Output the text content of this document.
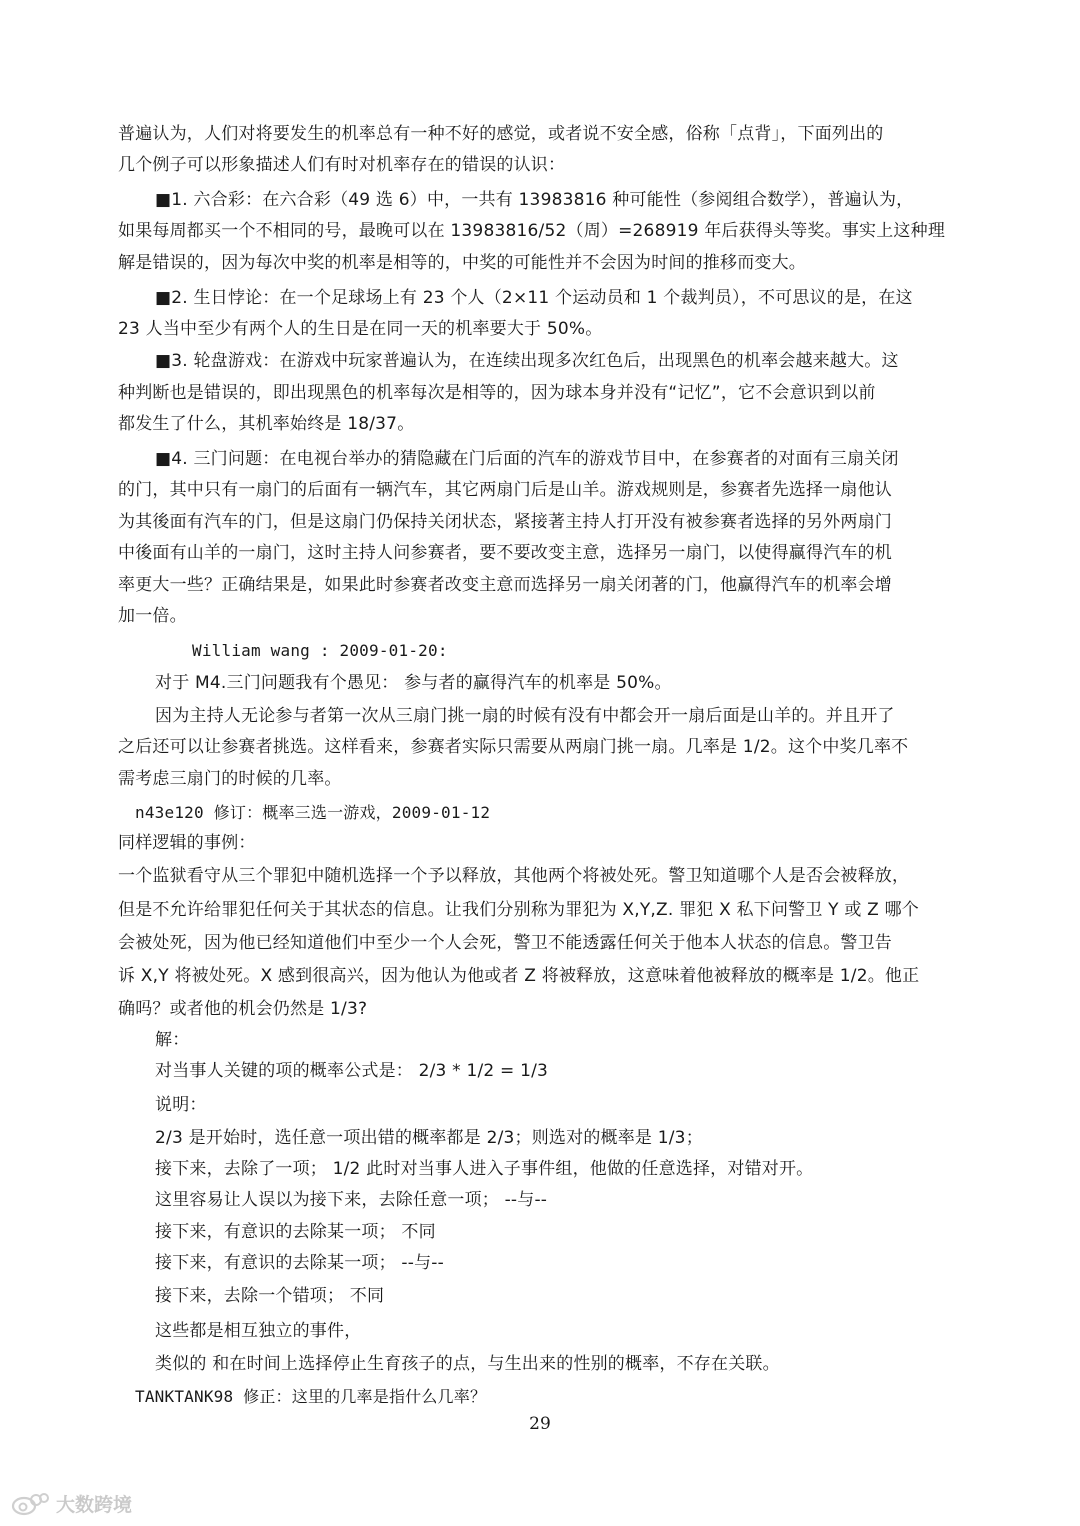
普遍认为，人们对将要发生的机率总有一种不好的感觉，或者说不安全感，俗称「点背」，下面列出的
几个例子可以形象描述人们有时对机率存在的错误的认识：
■1. 六合彩：在六合彩（49 选 6）中，一共有 13983816 种可能性（参阅组合数学），普遍认为，
如果每周都买一个不相同的号，最晚可以在 13983816/52（周）=268919 年后获得头等奖。事实上这种理
解是错误的，因为每次中奖的机率是相等的，中奖的可能性并不会因为时间的推移而变大。
■2. 生日悖论：在一个足球场上有 23 个人（2×11 个运动员和 1 个裁判员），不可思议的是，在这
23 人当中至少有两个人的生日是在同一天的机率要大于 50%。
■3. 轮盘游戏：在游戏中玩家普遍认为，在连续出现多次红色后，出现黑色的机率会越来越大。这
种判断也是错误的，即出现黑色的机率每次是相等的，因为球本身并没有“记忆”，它不会意识到以前
都发生了什么，其机率始终是 18/37。
■4. 三门问题：在电视台举办的猜隐藏在门后面的汽车的游戏节目中，在参赛者的对面有三扇关闭
的门，其中只有一扇门的后面有一辆汽车，其它两扇门后是山羊。游戏规则是，参赛者先选择一扇他认
为其後面有汽车的门，但是这扇门仍保持关闭状态，紧接著主持人打开没有被参赛者选择的另外两扇门
中後面有山羊的一扇门，这时主持人问参赛者，要不要改变主意，选择另一扇门，以使得赢得汽车的机
率更大一些？正确结果是，如果此时参赛者改变主意而选择另一扇关闭著的门，他赢得汽车的机率会增
加一倍。
William wang : 2009-01-20:
对于 M4.三门问题我有个愚见： 参与者的赢得汽车的机率是 50%。
因为主持人无论参与者第一次从三扇门挑一扇的时候有没有中都会开一扇后面是山羊的。并且开了
之后还可以让参赛者挑选。这样看来，参赛者实际只需要从两扇门挑一扇。几率是 1/2。这个中奖几率不
需考虑三扇门的时候的几率。
n43e120 修订：概率三选一游戏，2009-01-12
同样逻辑的事例：
一个监狱看守从三个罪犯中随机选择一个予以释放，其他两个将被处死。警卫知道哪个人是否会被释放，
但是不允许给罪犯任何关于其状态的信息。让我们分别称为罪犯为 X,Y,Z. 罪犯 X 私下问警卫 Y 或 Z 哪个
会被处死，因为他已经知道他们中至少一个人会死，警卫不能透露任何关于他本人状态的信息。警卫告
诉 X,Y 将被处死。X 感到很高兴，因为他认为他或者 Z 将被释放，这意味着他被释放的概率是 1/2。他正
确吗？或者他的机会仍然是 1/3?
解：
对当事人关键的项的概率公式是： 2/3 * 1/2 = 1/3
说明：
2/3 是开始时，选任意一项出错的概率都是 2/3；则选对的概率是 1/3；
接下来，去除了一项； 1/2 此时对当事人进入子事件组，他做的任意选择，对错对开。
这里容易让人误以为接下来，去除任意一项； --与--
接下来，有意识的去除某一项； 不同
接下来，有意识的去除某一项； --与--
接下来，去除一个错项； 不同
这些都是相互独立的事件，
类似的 和在时间上选择停止生育孩子的点，与生出来的性别的概率，不存在关联。
TANKTANK98 修正：这里的几率是指什么几率？
29
大数跨境
